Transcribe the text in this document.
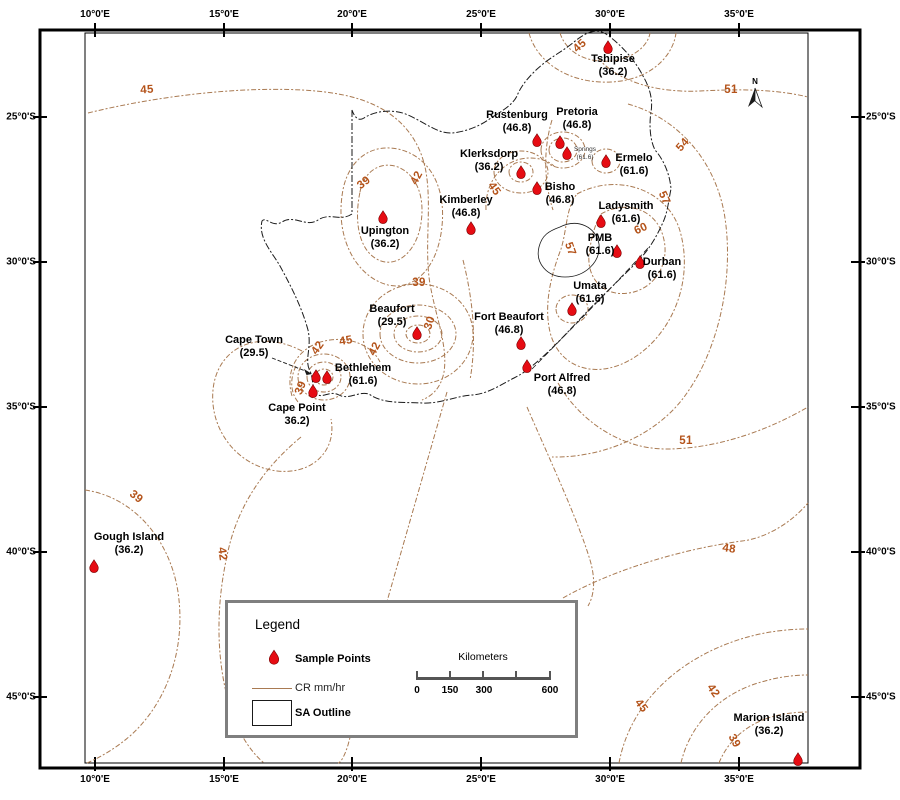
N
10°0'E	15°0'E	20°0'E	25°0'E	30°0'E	35°0'E
10°0'E	15°0'E	20°0'E	25°0'E	30°0'E	35°0'E
25°0'S
30°0'S
35°0'S
40°0'S
45°0'S
25°0'S
30°0'S
35°0'S
40°0'S
45°0'S
Tshipise
(36.2)
Rustenburg
(46.8)
Pretoria
(46.8)
Klerksdorp
(36.2)
Ermelo
(61.6)
Bisho
(46.8)
Kimberley
(46.8)
Upington
(36.2)
Ladysmith
(61.6)
PMB
(61.6)
Durban
(61.6)
Umata
(61.6)
Beaufort
(29.5)	Fort Beaufort
(46.8)
Port Alfred
(46.8)
Cape Town
(29.5)
Bethlehem
(61.6)
Cape Point
36.2)
Gough Island
(36.2)
Marion Island
(36.2)
Springs
(61.6)
45
45
51
54
57
60
57
45
39	42
39
30
42 45 42
39
51
48
39
42
45
42
39
Legend
Sample Points
CR mm/hr
SA Outline
Kilometers
0 150 300	600
